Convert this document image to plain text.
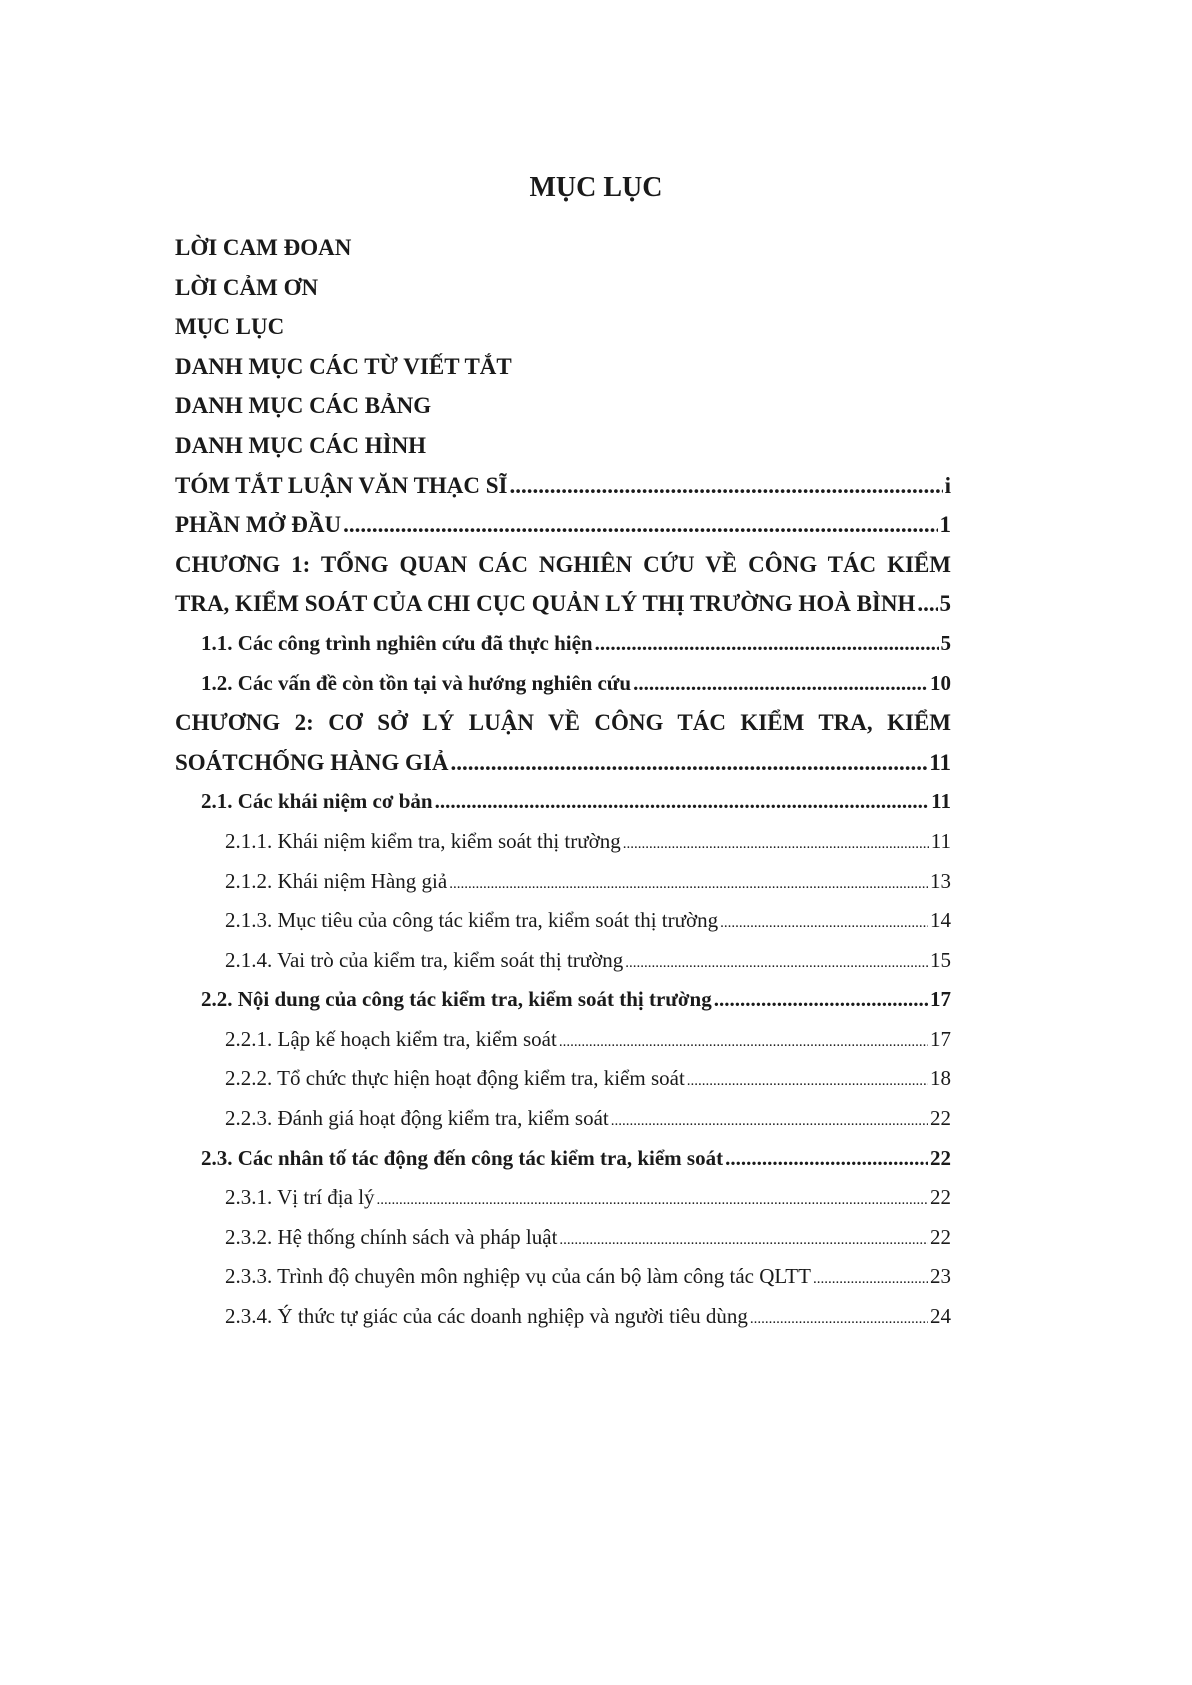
MỤC LỤC
LỜI CAM ĐOAN
LỜI CẢM ƠN
MỤC LỤC
DANH MỤC CÁC TỪ VIẾT TẮT
DANH MỤC CÁC BẢNG
DANH MỤC CÁC HÌNH
TÓM TẮT LUẬN VĂN THẠC SĨ .....	i
PHẦN MỞ ĐẦU .....	1
CHƯƠNG 1: TỔNG QUAN CÁC NGHIÊN CỨU VỀ CÔNG TÁC KIỂM
TRA, KIỂM SOÁT CỦA CHI CỤC QUẢN LÝ THỊ TRƯỜNG HOÀ BÌNH ..... 5
1.1. Các công trình nghiên cứu đã thực hiện .....	5
1.2. Các vấn đề còn tồn tại và hướng nghiên cứu .....	10
CHƯƠNG 2: CƠ SỞ LÝ LUẬN VỀ CÔNG TÁC KIỂM TRA, KIỂM
SOÁTCHỐNG HÀNG GIẢ .....	11
2.1. Các khái niệm cơ bản .....	11
2.1.1. Khái niệm kiểm tra, kiểm soát thị trường .....	11
2.1.2. Khái niệm Hàng giả .....	13
2.1.3. Mục tiêu của công tác kiểm tra, kiểm soát thị trường .....	14
2.1.4. Vai trò của kiểm tra, kiểm soát thị trường .....	15
2.2. Nội dung của công tác kiểm tra, kiểm soát thị trường .....	17
2.2.1. Lập kế hoạch kiểm tra, kiểm soát .....	17
2.2.2. Tổ chức thực hiện hoạt động kiểm tra, kiểm soát .....	18
2.2.3. Đánh giá hoạt động kiểm tra, kiểm soát .....	22
2.3. Các nhân tố tác động đến công tác kiểm tra, kiểm soát .....	22
2.3.1. Vị trí địa lý .....	22
2.3.2. Hệ thống chính sách và pháp luật .....	22
2.3.3. Trình độ chuyên môn nghiệp vụ của cán bộ làm công tác QLTT .....	23
2.3.4. Ý thức tự giác của các doanh nghiệp và người tiêu dùng .....	24
